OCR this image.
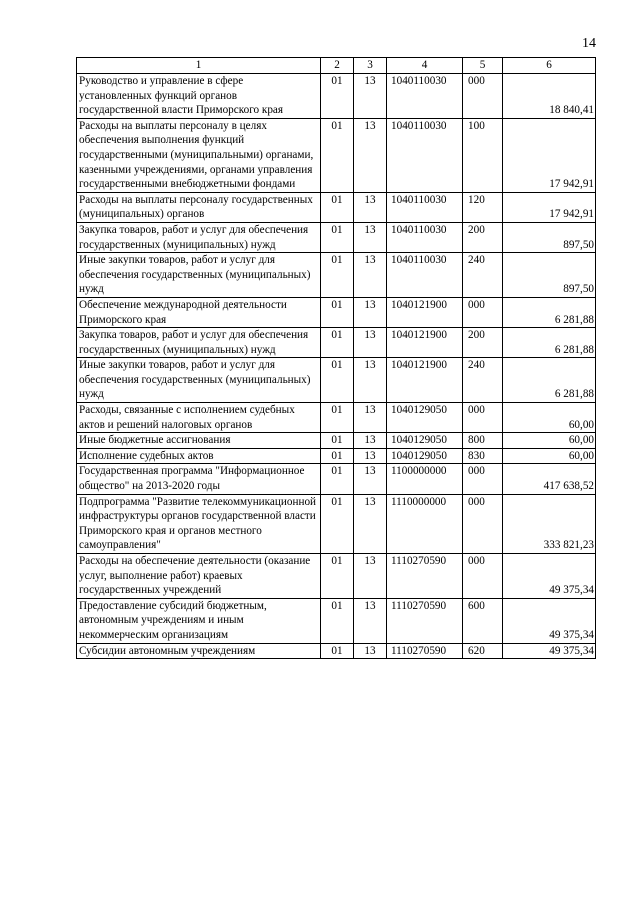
14
1	2	3	4	5	6
Руководство и управление в сфере установленных функций органов государственной власти Приморского края	01	13	1040110030	000	18 840,41
Расходы на выплаты персоналу в целях обеспечения выполнения функций государственными (муниципальными) органами, казенными учреждениями, органами управления государственными внебюджетными фондами	01	13	1040110030	100	17 942,91
Расходы на выплаты персоналу государственных (муниципальных) органов	01	13	1040110030	120	17 942,91
Закупка товаров, работ и услуг для обеспечения государственных (муниципальных) нужд	01	13	1040110030	200	897,50
Иные закупки товаров, работ и услуг для обеспечения государственных (муниципальных) нужд	01	13	1040110030	240	897,50
Обеспечение международной деятельности Приморского края	01	13	1040121900	000	6 281,88
Закупка товаров, работ и услуг для обеспечения государственных (муниципальных) нужд	01	13	1040121900	200	6 281,88
Иные закупки товаров, работ и услуг для обеспечения государственных (муниципальных) нужд	01	13	1040121900	240	6 281,88
Расходы, связанные с исполнением судебных актов и решений налоговых органов	01	13	1040129050	000	60,00
Иные бюджетные ассигнования	01	13	1040129050	800	60,00
Исполнение судебных актов	01	13	1040129050	830	60,00
Государственная программа "Информационное общество" на 2013-2020 годы	01	13	1100000000	000	417 638,52
Подпрограмма "Развитие телекоммуникационной инфраструктуры органов государственной власти Приморского края и органов местного самоуправления"	01	13	1110000000	000	333 821,23
Расходы на обеспечение деятельности (оказание услуг, выполнение работ) краевых государственных учреждений	01	13	1110270590	000	49 375,34
Предоставление субсидий бюджетным, автономным учреждениям и иным некоммерческим организациям	01	13	1110270590	600	49 375,34
Субсидии автономным учреждениям	01	13	1110270590	620	49 375,34
